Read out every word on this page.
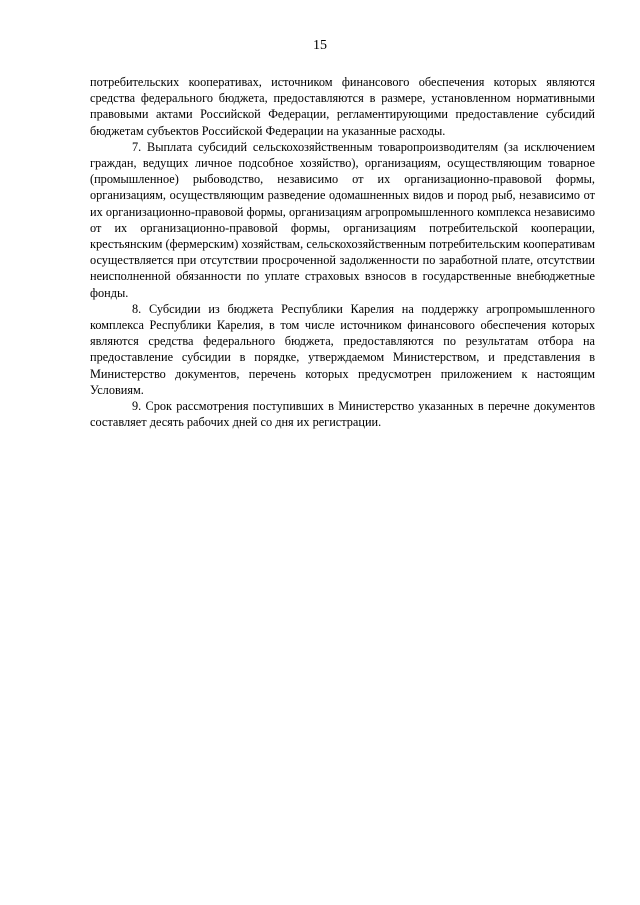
15

потребительских кооперативах, источником финансового обеспечения которых являются средства федерального бюджета, предоставляются в размере, установленном нормативными правовыми актами Российской Федерации, регламентирующими предоставление субсидий бюджетам субъектов Российской Федерации на указанные расходы.

7. Выплата субсидий сельскохозяйственным товаропроизводителям (за исключением граждан, ведущих личное подсобное хозяйство), организациям, осуществляющим товарное (промышленное) рыбоводство, независимо от их организационно-правовой формы, организациям, осуществляющим разведение одомашненных видов и пород рыб, независимо от их организационно-правовой формы, организациям агропромышленного комплекса независимо от их организационно-правовой формы, организациям потребительской кооперации, крестьянским (фермерским) хозяйствам, сельскохозяйственным потребительским кооперативам осуществляется при отсутствии просроченной задолженности по заработной плате, отсутствии неисполненной обязанности по уплате страховых взносов в государственные внебюджетные фонды.

8. Субсидии из бюджета Республики Карелия на поддержку агропромышленного комплекса Республики Карелия, в том числе источником финансового обеспечения которых являются средства федерального бюджета, предоставляются по результатам отбора на предоставление субсидии в порядке, утверждаемом Министерством, и представления в Министерство документов, перечень которых предусмотрен приложением к настоящим Условиям.

9. Срок рассмотрения поступивших в Министерство указанных в перечне документов составляет десять рабочих дней со дня их регистрации.
